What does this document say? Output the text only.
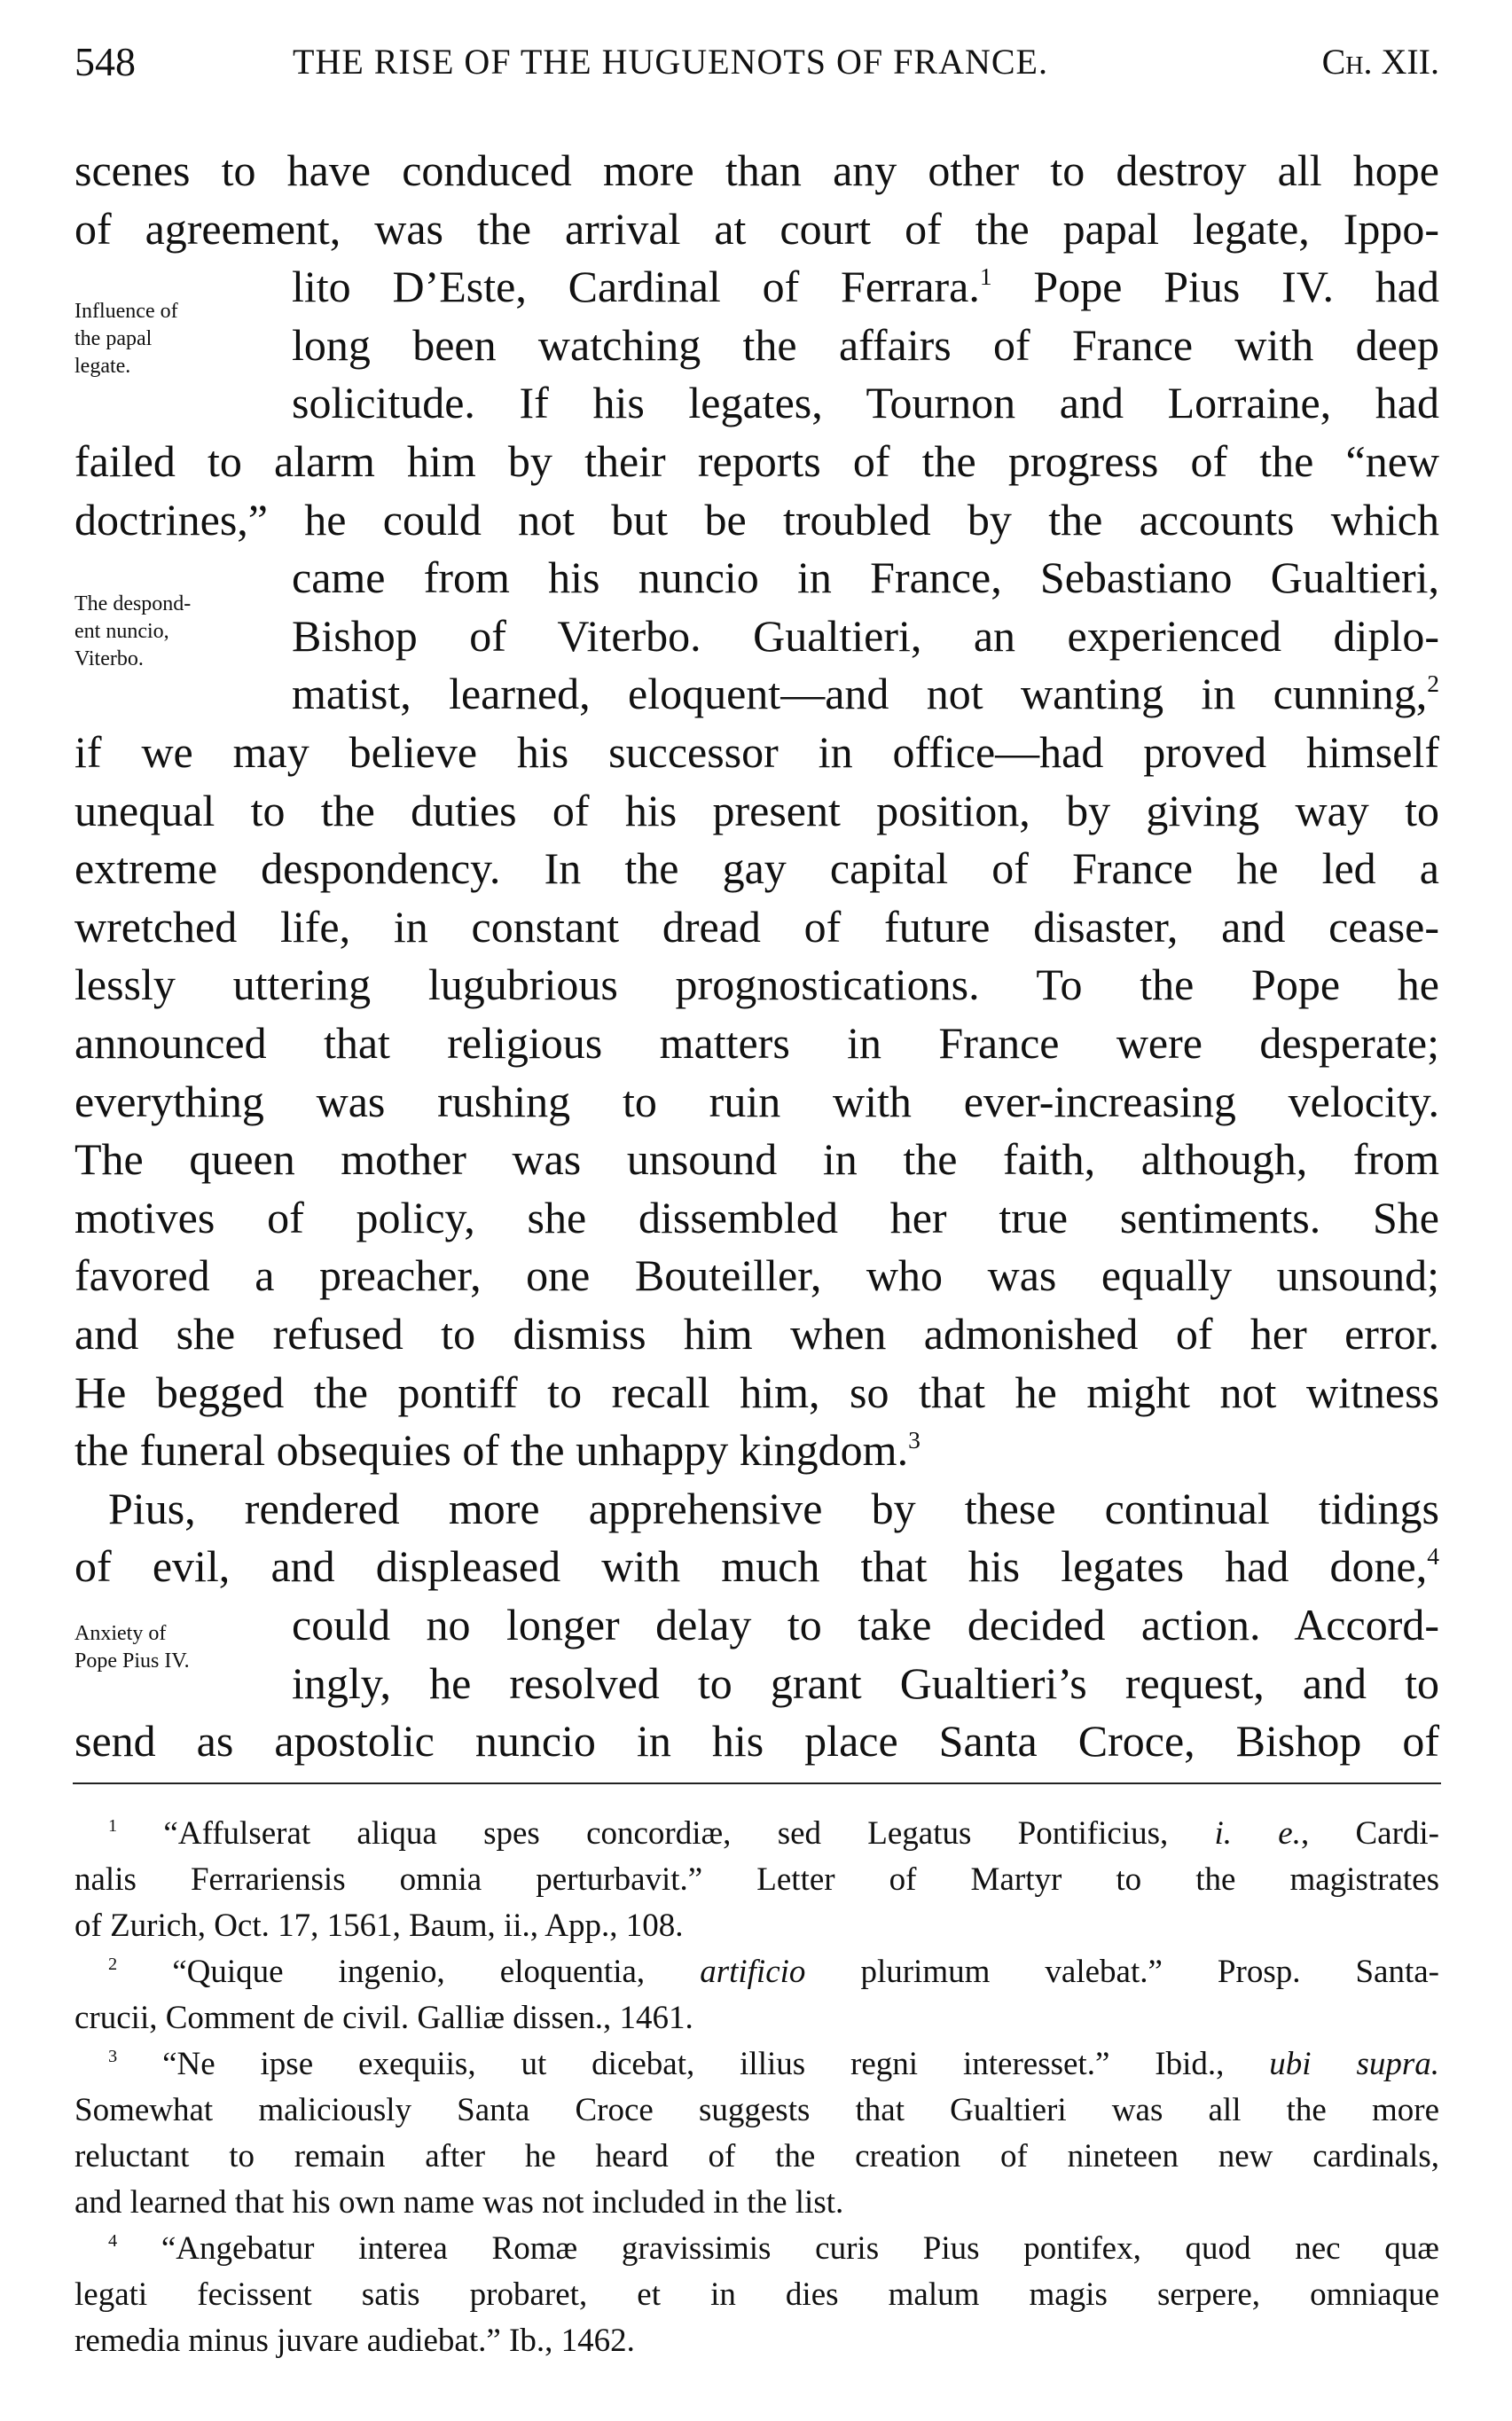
548	THE RISE OF THE HUGUENOTS OF FRANCE.	Ch. XII.
scenes to have conduced more than any other to destroy all hope
of agreement, was the arrival at court of the papal legate, Ippo-
lito D’Este, Cardinal of Ferrara.$^1$ Pope Pius IV. had
long been watching the affairs of France with deep
solicitude. If his legates, Tournon and Lorraine, had
failed to alarm him by their reports of the progress of the “new
doctrines,” he could not but be troubled by the accounts which
came from his nuncio in France, Sebastiano Gualtieri,
Bishop of Viterbo. Gualtieri, an experienced diplo-
matist, learned, eloquent—and not wanting in cunning,$^2$
if we may believe his successor in office—had proved himself
unequal to the duties of his present position, by giving way to
extreme despondency. In the gay capital of France he led a
wretched life, in constant dread of future disaster, and cease-
lessly uttering lugubrious prognostications. To the Pope he
announced that religious matters in France were desperate;
everything was rushing to ruin with ever-increasing velocity.
The queen mother was unsound in the faith, although, from
motives of policy, she dissembled her true sentiments. She
favored a preacher, one Bouteiller, who was equally unsound;
and she refused to dismiss him when admonished of her error.
He begged the pontiff to recall him, so that he might not witness
the funeral obsequies of the unhappy kingdom.$^3$
Pius, rendered more apprehensive by these continual tidings
of evil, and displeased with much that his legates had done,$^4$
could no longer delay to take decided action. Accord-
ingly, he resolved to grant Gualtieri’s request, and to
send as apostolic nuncio in his place Santa Croce, Bishop of
Influence of
the papal
legate.
The despond-
ent nuncio,
Viterbo.
Anxiety of
Pope Pius IV.
$^1$ “Affulserat aliqua spes concordiæ, sed Legatus Pontificius, i. e., Cardi-
nalis Ferrariensis omnia perturbavit.” Letter of Martyr to the magistrates
of Zurich, Oct. 17, 1561, Baum, ii., App., 108.
$^2$ “Quique ingenio, eloquentia, artificio plurimum valebat.” Prosp. Santa-
crucii, Comment de civil. Galliæ dissen., 1461.
$^3$ “Ne ipse exequiis, ut dicebat, illius regni interesset.” Ibid., ubi supra.
Somewhat maliciously Santa Croce suggests that Gualtieri was all the more
reluctant to remain after he heard of the creation of nineteen new cardinals,
and learned that his own name was not included in the list.
$^4$ “Angebatur interea Romæ gravissimis curis Pius pontifex, quod nec quæ
legati fecissent satis probaret, et in dies malum magis serpere, omniaque
remedia minus juvare audiebat.” Ib., 1462.
